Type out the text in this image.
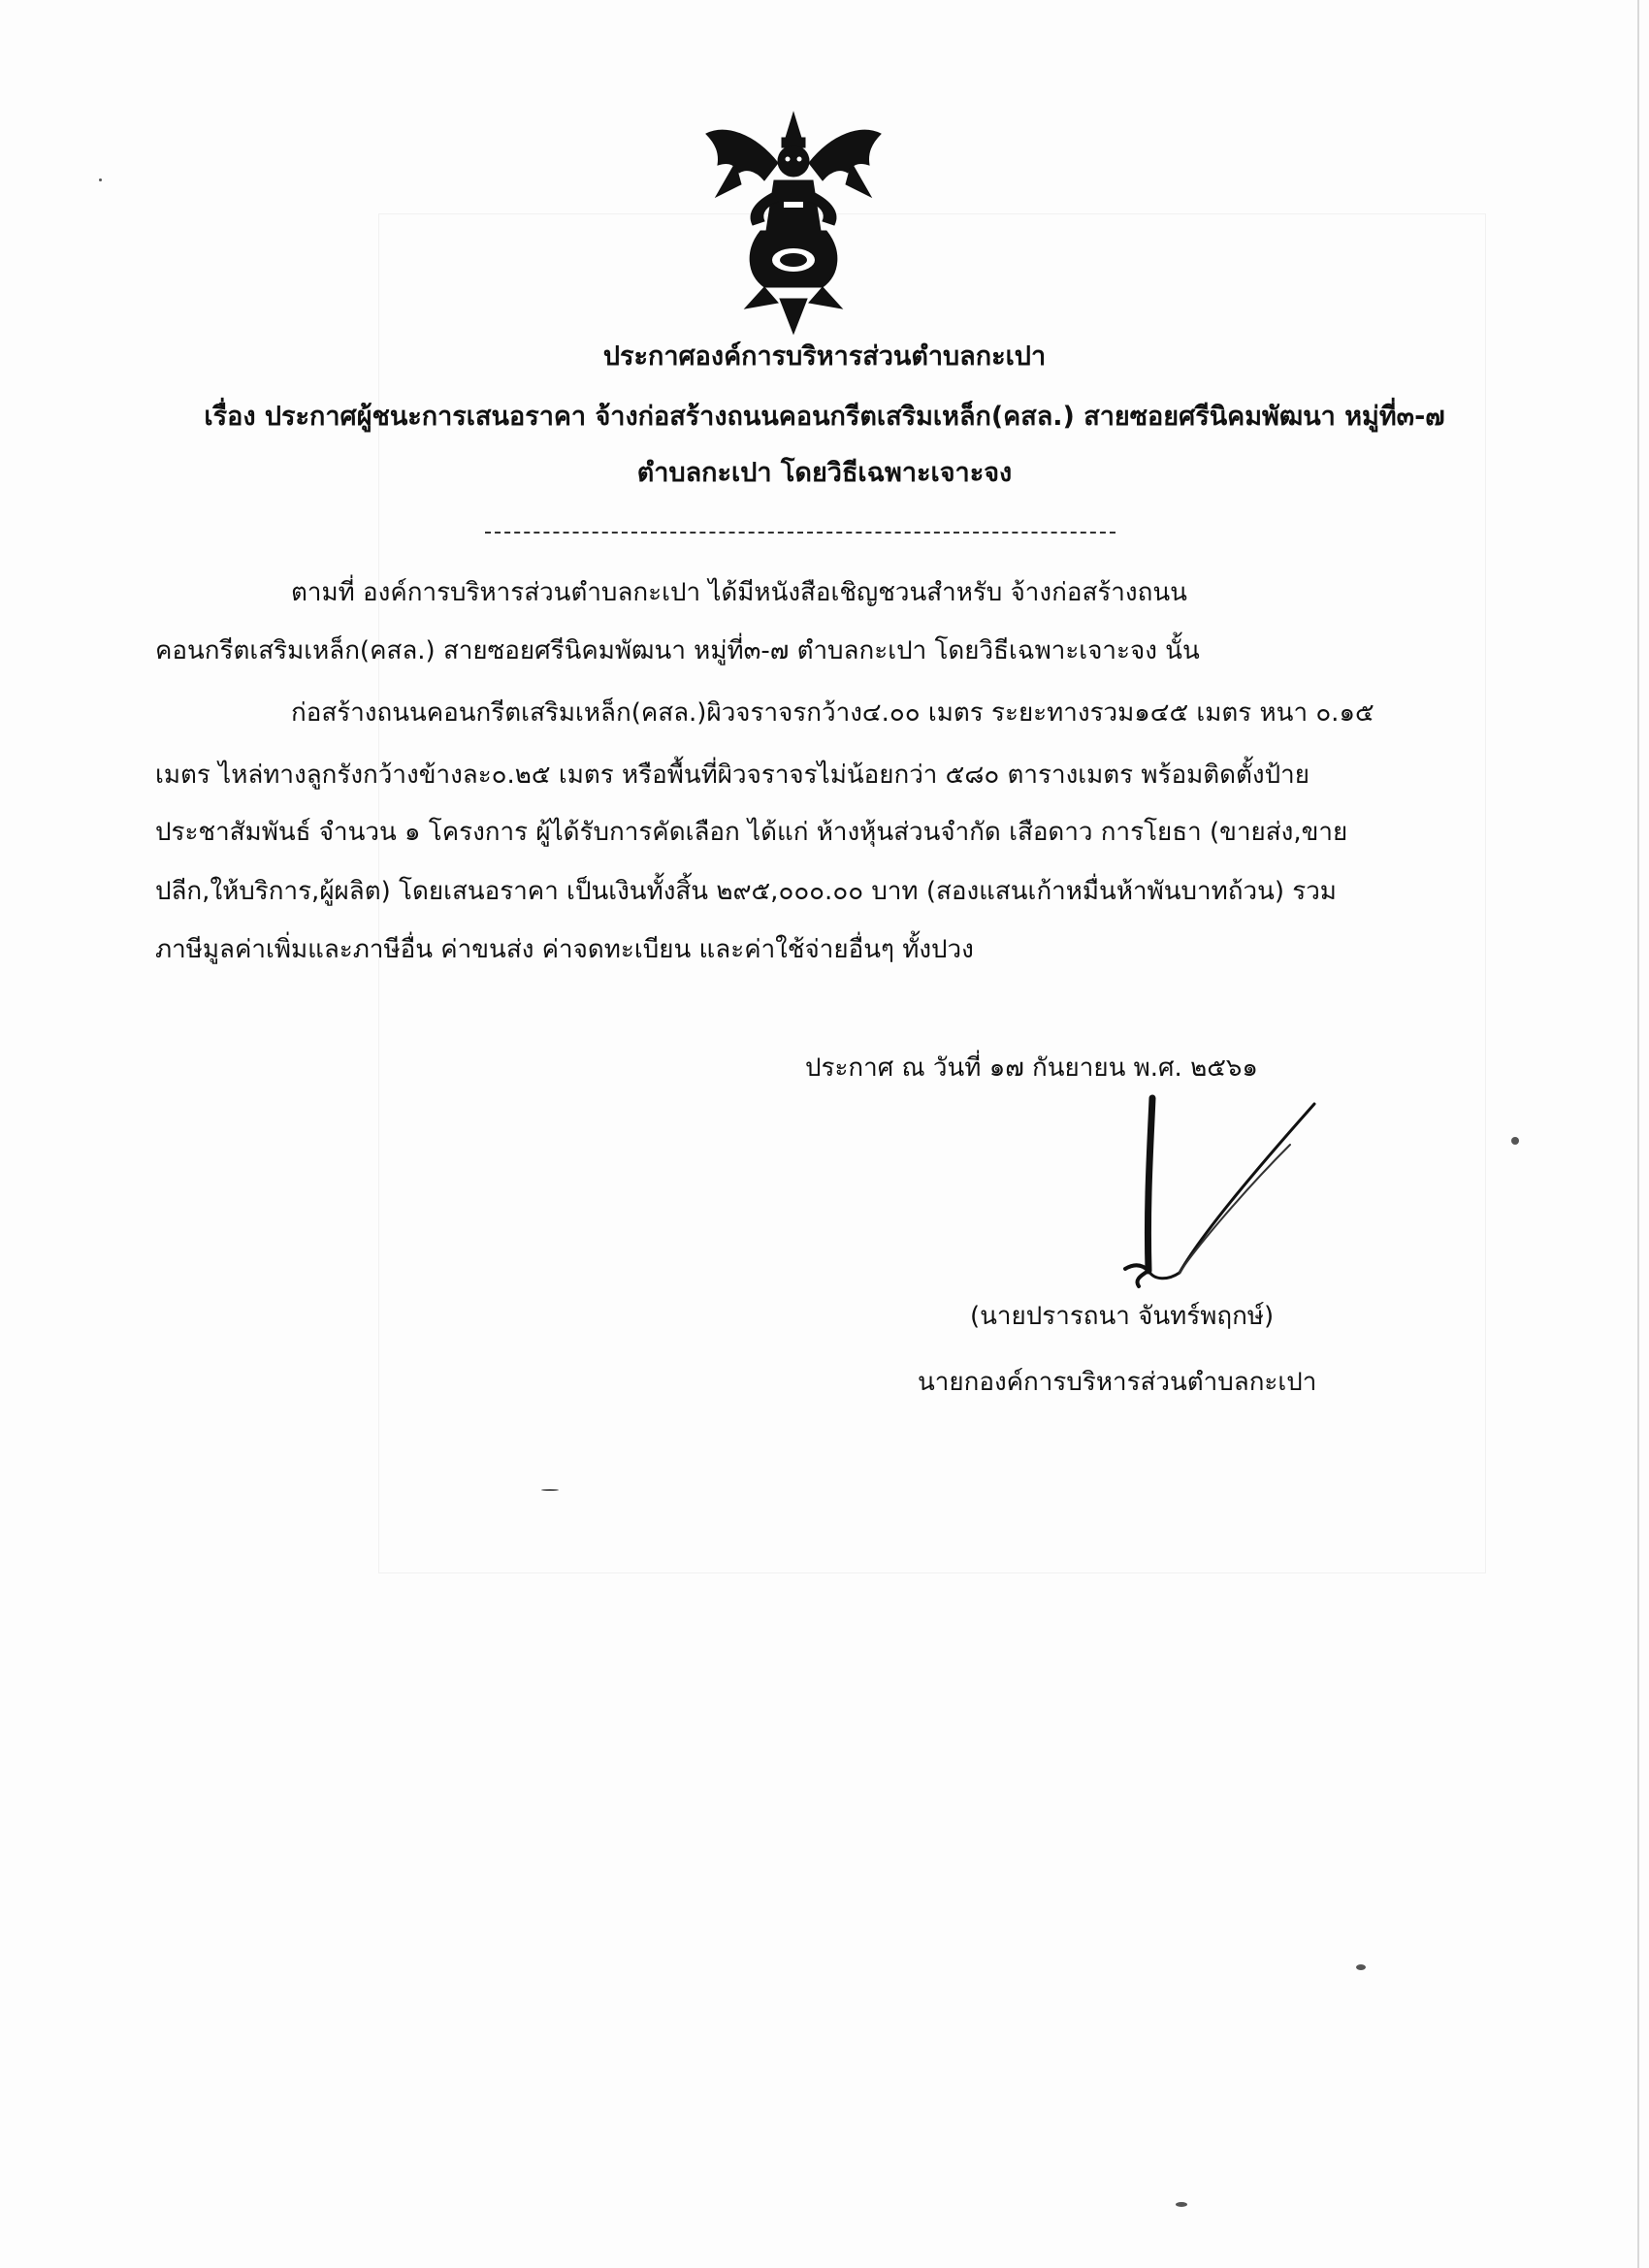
ประกาศองค์การบริหารส่วนตำบลกะเปา
เรื่อง ประกาศผู้ชนะการเสนอราคา จ้างก่อสร้างถนนคอนกรีตเสริมเหล็ก(คสล.) สายซอยศรีนิคมพัฒนา หมู่ที่๓-๗
ตำบลกะเปา โดยวิธีเฉพาะเจาะจง
ตามที่ องค์การบริหารส่วนตำบลกะเปา ได้มีหนังสือเชิญชวนสำหรับ จ้างก่อสร้างถนน
คอนกรีตเสริมเหล็ก(คสล.) สายซอยศรีนิคมพัฒนา หมู่ที่๓-๗ ตำบลกะเปา โดยวิธีเฉพาะเจาะจง นั้น
ก่อสร้างถนนคอนกรีตเสริมเหล็ก(คสล.)ผิวจราจรกว้าง๔.๐๐ เมตร ระยะทางรวม๑๔๕ เมตร หนา ๐.๑๕
เมตร ไหล่ทางลูกรังกว้างข้างละ๐.๒๕ เมตร หรือพื้นที่ผิวจราจรไม่น้อยกว่า ๕๘๐ ตารางเมตร พร้อมติดตั้งป้าย
ประชาสัมพันธ์ จำนวน ๑ โครงการ ผู้ได้รับการคัดเลือก ได้แก่ ห้างหุ้นส่วนจำกัด เสือดาว การโยธา (ขายส่ง,ขาย
ปลีก,ให้บริการ,ผู้ผลิต) โดยเสนอราคา เป็นเงินทั้งสิ้น ๒๙๕,๐๐๐.๐๐ บาท (สองแสนเก้าหมื่นห้าพันบาทถ้วน) รวม
ภาษีมูลค่าเพิ่มและภาษีอื่น ค่าขนส่ง ค่าจดทะเบียน และค่าใช้จ่ายอื่นๆ ทั้งปวง
ประกาศ ณ วันที่ ๑๗ กันยายน พ.ศ. ๒๕๖๑
(นายปรารถนา จันทร์พฤกษ์)
นายกองค์การบริหารส่วนตำบลกะเปา
